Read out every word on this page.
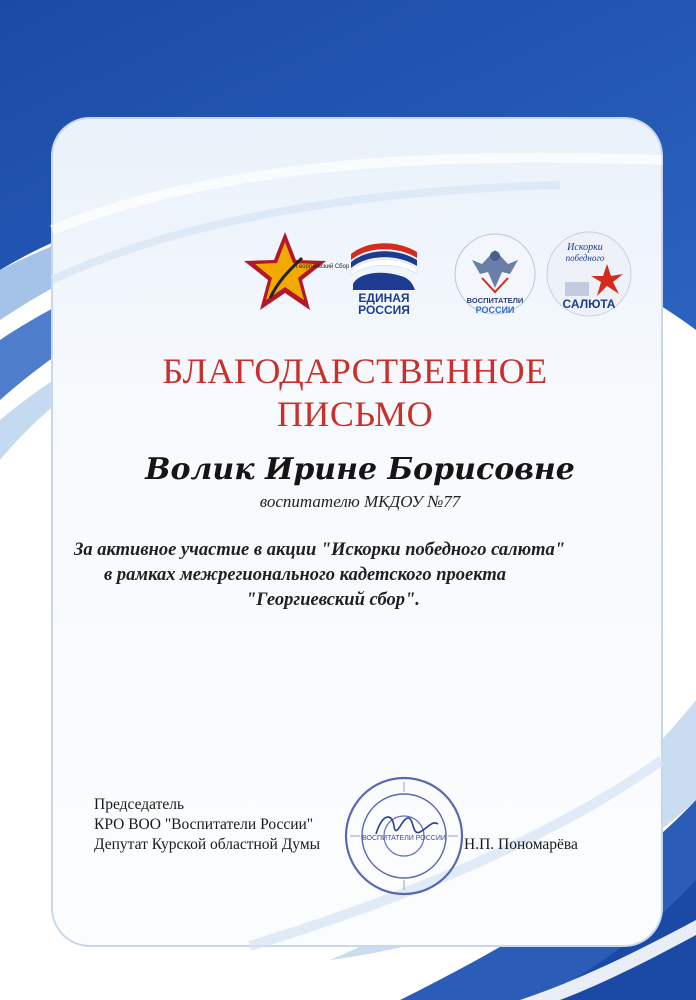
Георгиевский Сбор
ЕДИНАЯ
РОССИЯ
ВОСПИТАТЕЛИ
РОССИИ
Искорки
победного
САЛЮТА
БЛАГОДАРСТВЕННОЕ
ПИСЬМО
Волик Ирине Борисовне
воспитателю МКДОУ №77
За активное участие в акции "Искорки победного салюта"
в рамках межрегионального кадетского проекта
"Георгиевский сбор".
Председатель
КРО ВОО "Воспитатели России"
Депутат Курской областной Думы	Н.П. Пономарёва
ВОСПИТАТЕЛИ РОССИИ
